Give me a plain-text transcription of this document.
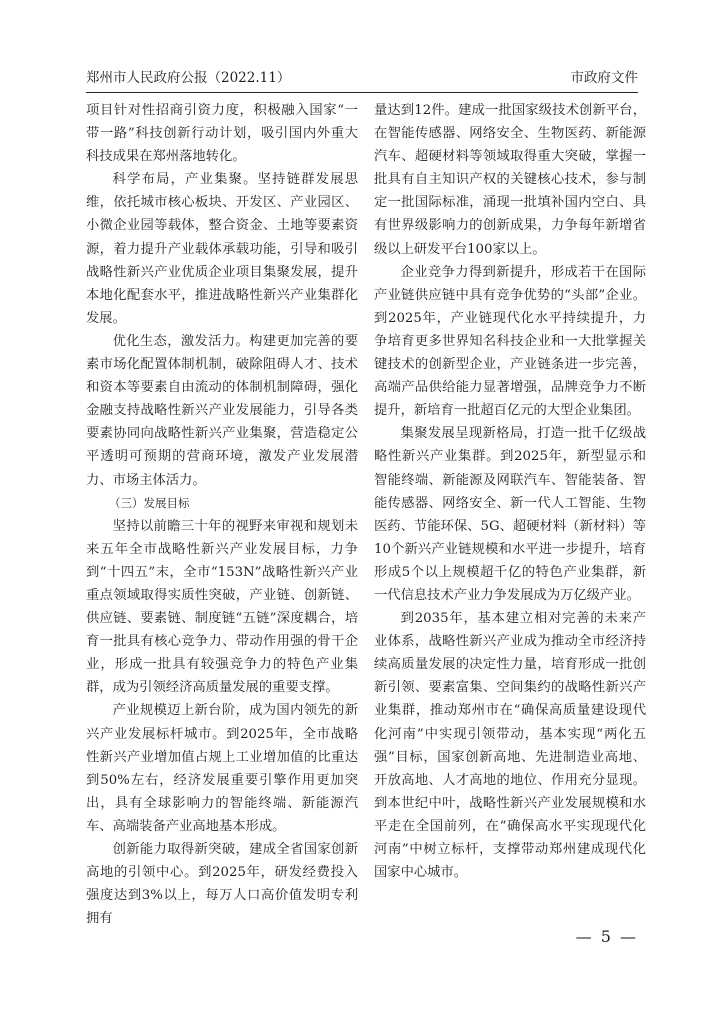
郑州市人民政府公报（2022.11）	市政府文件

项目针对性招商引资力度，积极融入国家“一带一路”科技创新行动计划，吸引国内外重大科技成果在郑州落地转化。

科学布局，产业集聚。坚持链群发展思维，依托城市核心板块、开发区、产业园区、小微企业园等载体，整合资金、土地等要素资源，着力提升产业载体承载功能，引导和吸引战略性新兴产业优质企业项目集聚发展，提升本地化配套水平，推进战略性新兴产业集群化发展。

优化生态，激发活力。构建更加完善的要素市场化配置体制机制，破除阻碍人才、技术和资本等要素自由流动的体制机制障碍，强化金融支持战略性新兴产业发展能力，引导各类要素协同向战略性新兴产业集聚，营造稳定公平透明可预期的营商环境，激发产业发展潜力、市场主体活力。

（三）发展目标

坚持以前瞻三十年的视野来审视和规划未来五年全市战略性新兴产业发展目标，力争到“十四五”末，全市“153N”战略性新兴产业重点领域取得实质性突破，产业链、创新链、供应链、要素链、制度链“五链”深度耦合，培育一批具有核心竞争力、带动作用强的骨干企业，形成一批具有较强竞争力的特色产业集群，成为引领经济高质量发展的重要支撑。

产业规模迈上新台阶，成为国内领先的新兴产业发展标杆城市。到2025年，全市战略性新兴产业增加值占规上工业增加值的比重达到50%左右，经济发展重要引擎作用更加突出，具有全球影响力的智能终端、新能源汽车、高端装备产业高地基本形成。

创新能力取得新突破，建成全省国家创新高地的引领中心。到2025年，研发经费投入强度达到3%以上，每万人口高价值发明专利拥有

量达到12件。建成一批国家级技术创新平台，在智能传感器、网络安全、生物医药、新能源汽车、超硬材料等领域取得重大突破，掌握一批具有自主知识产权的关键核心技术，参与制定一批国际标准，涌现一批填补国内空白、具有世界级影响力的创新成果，力争每年新增省级以上研发平台100家以上。

企业竞争力得到新提升，形成若干在国际产业链供应链中具有竞争优势的“头部”企业。到2025年，产业链现代化水平持续提升，力争培育更多世界知名科技企业和一大批掌握关键技术的创新型企业，产业链条进一步完善，高端产品供给能力显著增强，品牌竞争力不断提升，新培育一批超百亿元的大型企业集团。

集聚发展呈现新格局，打造一批千亿级战略性新兴产业集群。到2025年，新型显示和智能终端、新能源及网联汽车、智能装备、智能传感器、网络安全、新一代人工智能、生物医药、节能环保、5G、超硬材料（新材料）等10个新兴产业链规模和水平进一步提升，培育形成5个以上规模超千亿的特色产业集群，新一代信息技术产业力争发展成为万亿级产业。

到2035年，基本建立相对完善的未来产业体系，战略性新兴产业成为推动全市经济持续高质量发展的决定性力量，培育形成一批创新引领、要素富集、空间集约的战略性新兴产业集群，推动郑州市在“确保高质量建设现代化河南”中实现引领带动，基本实现“两化五强”目标，国家创新高地、先进制造业高地、开放高地、人才高地的地位、作用充分显现。到本世纪中叶，战略性新兴产业发展规模和水平走在全国前列，在“确保高水平实现现代化河南”中树立标杆，支撑带动郑州建成现代化国家中心城市。

— 5 —
